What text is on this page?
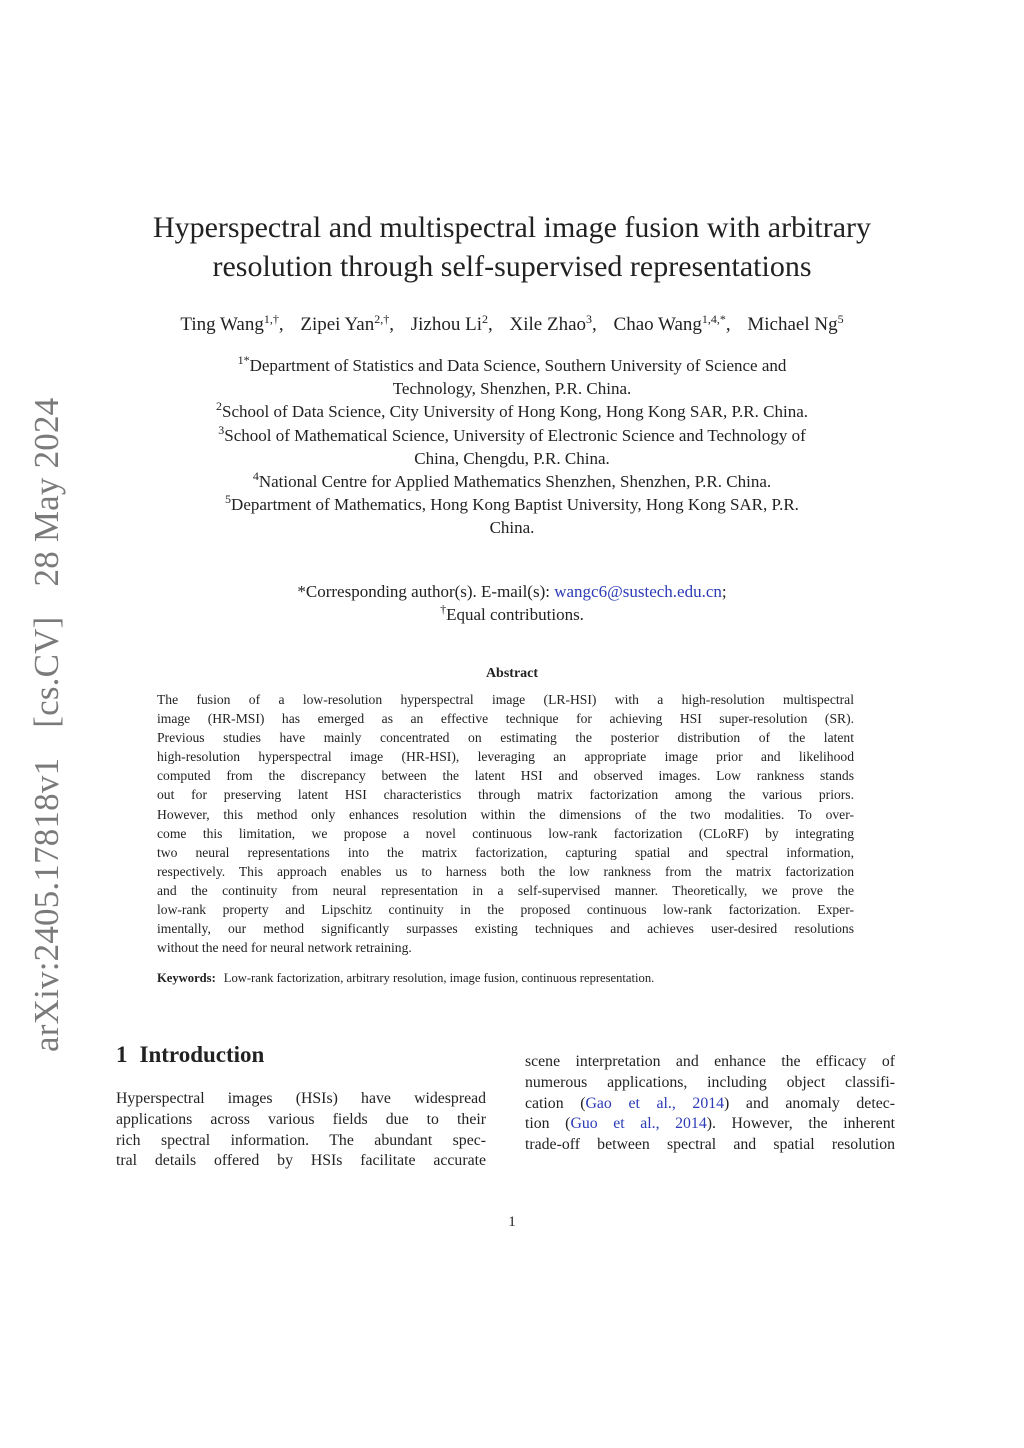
arXiv:2405.17818v1[cs.CV]28 May 2024
Hyperspectral and multispectral image fusion with arbitrary
resolution through self-supervised representations
Ting Wang$^{1,\dagger}$, Zipei Yan$^{2,\dagger}$, Jizhou Li$^2$, Xile Zhao$^3$, Chao Wang$^{1,4,*}$, Michael Ng$^5$
$^{1*}$Department of Statistics and Data Science, Southern University of Science and
Technology, Shenzhen, P.R. China.
$^2$School of Data Science, City University of Hong Kong, Hong Kong SAR, P.R. China.
$^3$School of Mathematical Science, University of Electronic Science and Technology of
China, Chengdu, P.R. China.
$^4$National Centre for Applied Mathematics Shenzhen, Shenzhen, P.R. China.
$^5$Department of Mathematics, Hong Kong Baptist University, Hong Kong SAR, P.R.
China.
*Corresponding author(s). E-mail(s): wangc6@sustech.edu.cn;
†Equal contributions.
Abstract
The fusion of a low-resolution hyperspectral image (LR-HSI) with a high-resolution multispectral
image (HR-MSI) has emerged as an effective technique for achieving HSI super-resolution (SR).
Previous studies have mainly concentrated on estimating the posterior distribution of the latent
high-resolution hyperspectral image (HR-HSI), leveraging an appropriate image prior and likelihood
computed from the discrepancy between the latent HSI and observed images. Low rankness stands
out for preserving latent HSI characteristics through matrix factorization among the various priors.
However, this method only enhances resolution within the dimensions of the two modalities. To over-
come this limitation, we propose a novel continuous low-rank factorization (CLoRF) by integrating
two neural representations into the matrix factorization, capturing spatial and spectral information,
respectively. This approach enables us to harness both the low rankness from the matrix factorization
and the continuity from neural representation in a self-supervised manner. Theoretically, we prove the
low-rank property and Lipschitz continuity in the proposed continuous low-rank factorization. Exper-
imentally, our method significantly surpasses existing techniques and achieves user-desired resolutions
without the need for neural network retraining.
Keywords: Low-rank factorization, arbitrary resolution, image fusion, continuous representation.
1 Introduction
Hyperspectral images (HSIs) have widespread
applications across various fields due to their
rich spectral information. The abundant spec-
tral details offered by HSIs facilitate accurate
scene interpretation and enhance the efficacy of
numerous applications, including object classifi-
cation (Gao et al., 2014) and anomaly detec-
tion (Guo et al., 2014). However, the inherent
trade-off between spectral and spatial resolution
1
